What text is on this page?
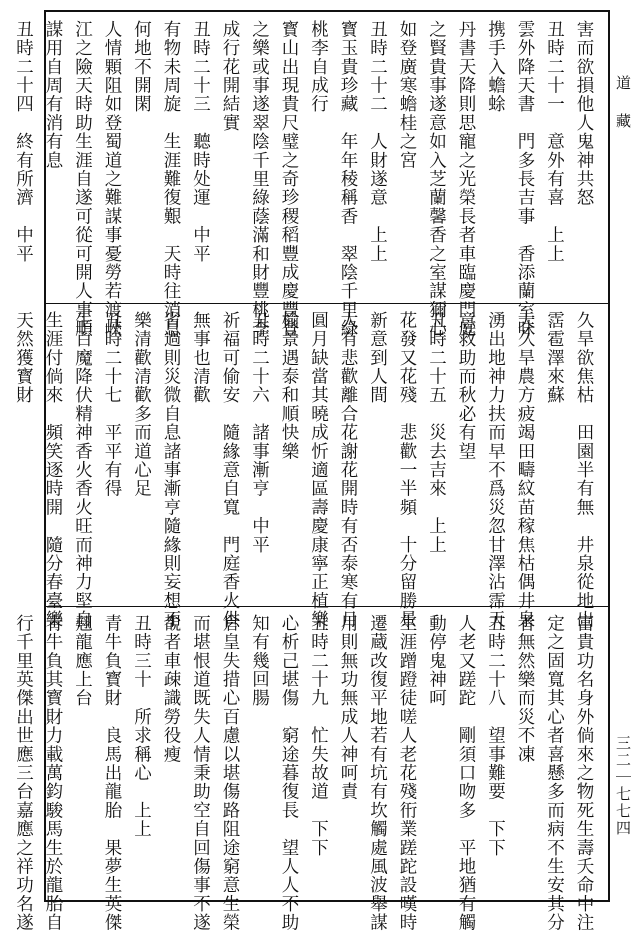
害而欲損他人鬼神共怒
丑時二十一　意外有喜　上上
雲外降天書　門多長吉事　香添蘭室味
携手入蟾蜍
丹書天降則思寵之光榮長者車臨慶門庭
之賢貴事遂意如入芝蘭馨香之室謀獮心
如登廣寒蟾桂之宮
丑時二十二　人財遂意　上上
寳玉貴珍藏　年年稜稱香　翠陰千里綠
桃李自成行
寳山出現貴尺璧之奇珍稷稻豐成慶豐登
之樂或事遂翠陰千里綠蔭滿和財豐桃李
成行花開結實
丑時二十三　聽時处運　中平
有物未周旋　生涯難復艱　天時往消息
何地不開閑
人情顆阻如登蜀道之難謀事憂勞若渡峽
江之險天時助生涯自遂可從可開人事順
謀用自周有消有息
丑時二十四　終有所濟　中平
久旱欲焦枯　田園半有無　井泉從地出
霑雹澤來蘇
天久旱農方疲竭田疇紋苗稼焦枯偶井泉
湧出地神力扶而早不爲災忽甘澤沾霈天
意救助而秋必有望
丑時二十五　災去吉來　上上
花發又花殘　悲歡一半頻　十分留勝景
新意到人間
人有悲歡離合花謝花開時有否泰寒有月
圓月缺當其曉成忻適區壽慶康寧正植樂
榆景遇泰和順快樂
丑時二十六　諸事漸亨　中平
祈福可偷安　隨緣意自寬　門庭香火供
無事也清歡
省過則災微自息諸事漸亨隨緣則妄想不
樂清歡清歡多而道心足
丑時二十七　平平有得
生百魔降伏精神香火香火旺而神力堅自
生涯付倘來　頻笑逐時開　隨分春臺樂
天然獲寳財
富貴功名身外倘來之物死生壽夭命中注
定之固寬其心者喜懸多而病不生安其分
者無然樂而災不凍
丑時二十八　望事難要　下下
人老又蹉跎　剛須口吻多　平地猶有觸
動停鬼神呵
生涯蹭蹬徒嗟人老花殘衎業蹉跎設嘆時
遷蔵改復平地若有坑有坎觸處風波舉謀
用則無功無成人神呵責
丑時二十九　忙失故道　下下
心析己堪傷　窮途暮復長　望人人不助
知有幾回腸
倉皇失措心百慮以堪傷路阻途窮意生榮
而堪恨道既失人情秉助空自回傷事不遂
覩者車疎識勞役瘦
丑時三十　所求稱心　上上
青牛負寳財　良馬出龍胎　果夢生英傑
翹龍應上台
青牛負其寳財力載萬鈞駿馬生於龍胎自
行千里英傑出世應三台嘉應之祥功名遂
道　藏
三二｜七七四
